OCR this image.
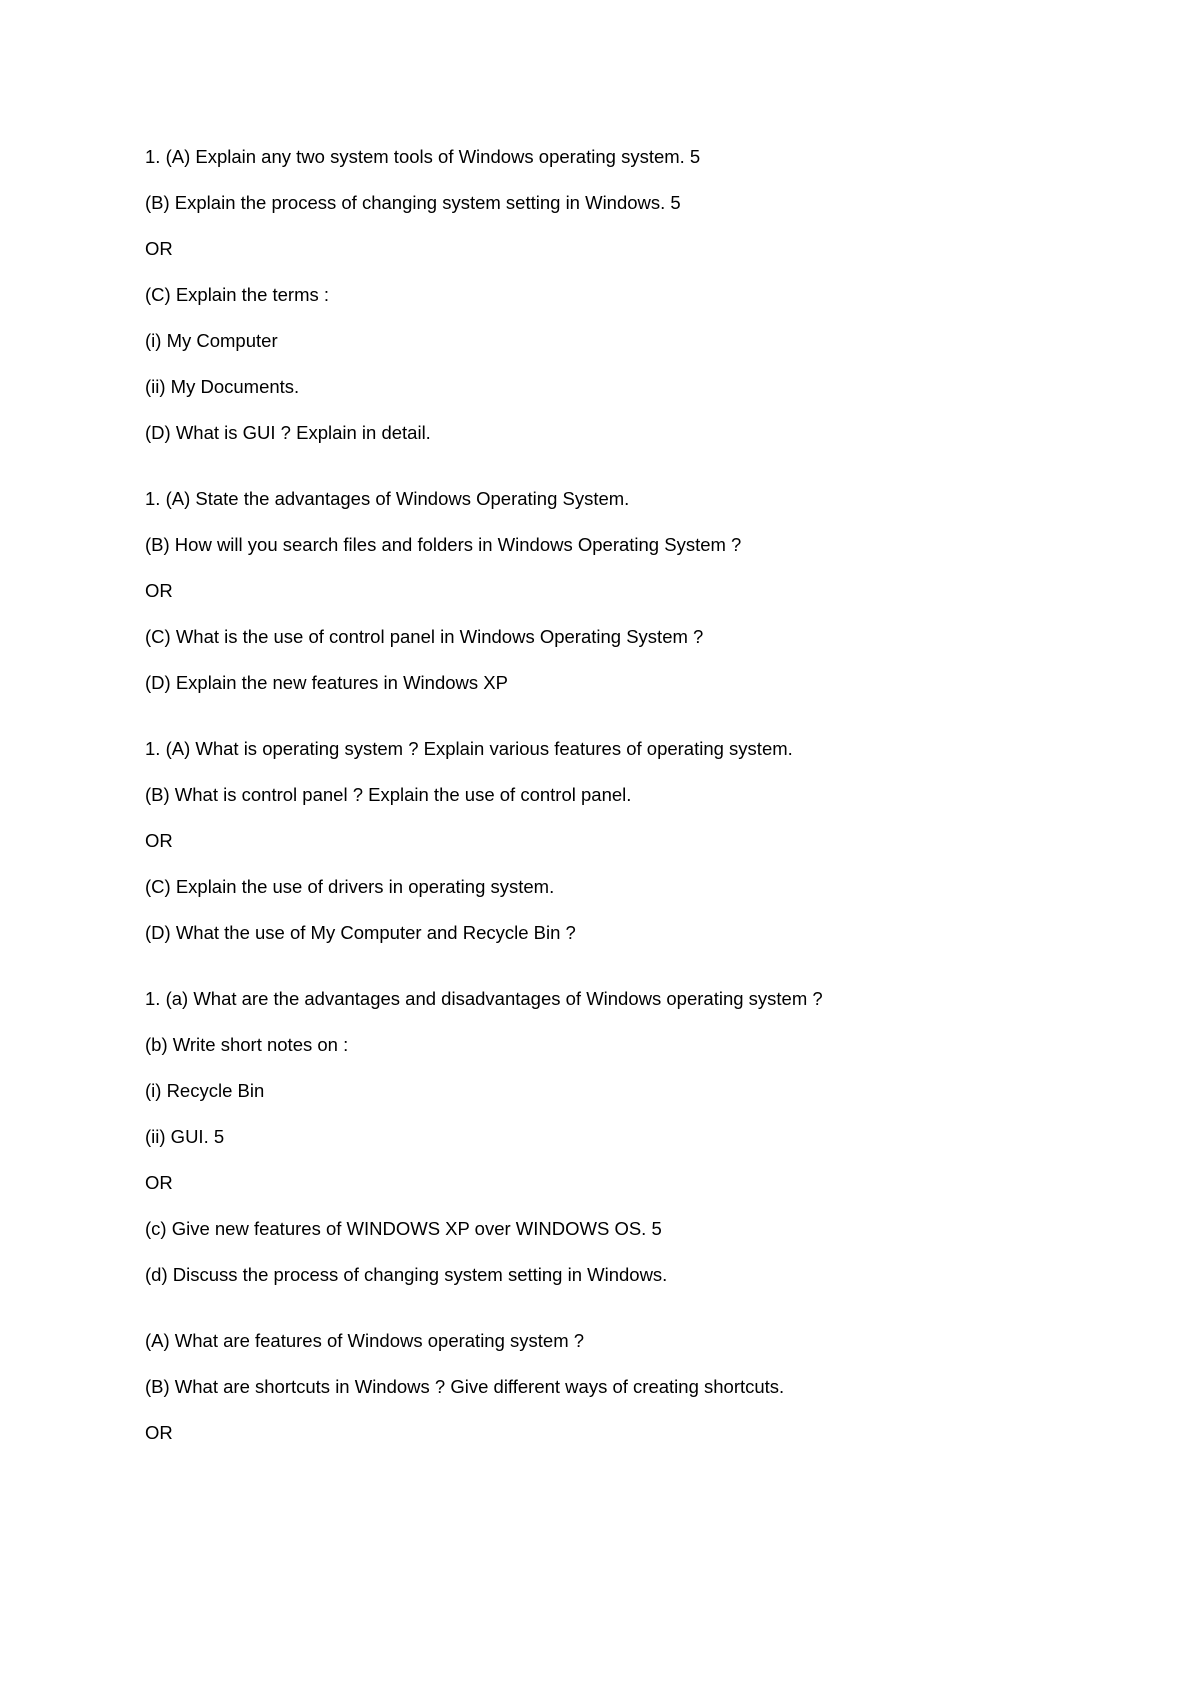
1. (A) Explain any two system tools of Windows operating system. 5
(B) Explain the process of changing system setting in Windows. 5
OR
(C) Explain the terms :
(i) My Computer
(ii) My Documents.
(D) What is GUI ? Explain in detail.
1. (A) State the advantages of Windows Operating System.
(B) How will you search files and folders in Windows Operating System ?
OR
(C) What is the use of control panel in Windows Operating System ?
(D) Explain the new features in Windows XP
1. (A) What is operating system ? Explain various features of operating system.
(B) What is control panel ? Explain the use of control panel.
OR
(C) Explain the use of drivers in operating system.
(D) What the use of My Computer and Recycle Bin ?
1. (a) What are the advantages and disadvantages of Windows operating system ?
(b) Write short notes on :
(i) Recycle Bin
(ii) GUI. 5
OR
(c) Give new features of WINDOWS XP over WINDOWS OS. 5
(d) Discuss the process of changing system setting in Windows.
(A) What are features of Windows operating system ?
(B) What are shortcuts in Windows ? Give different ways of creating shortcuts.
OR
